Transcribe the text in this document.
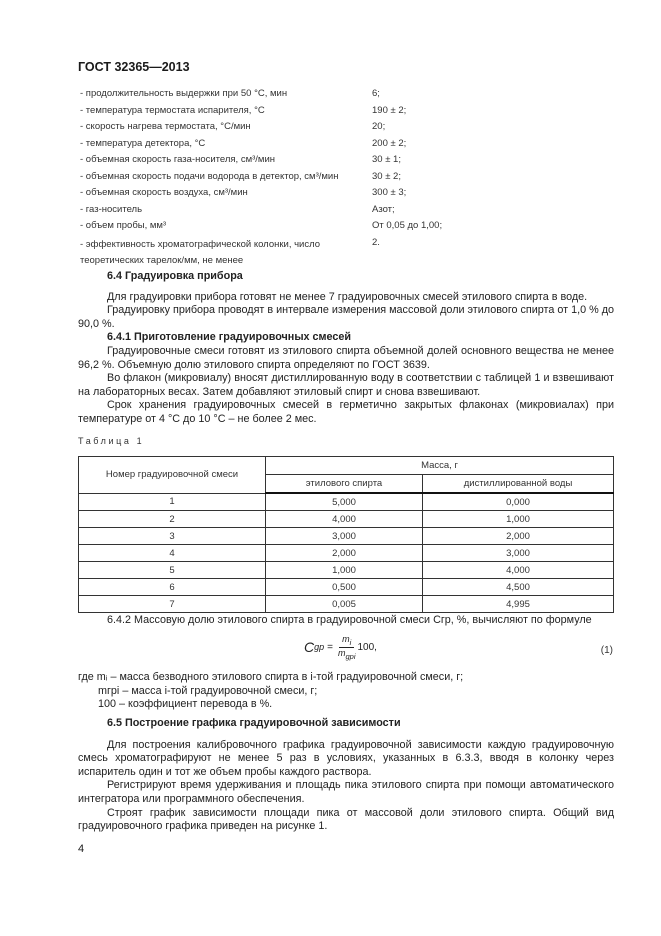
ГОСТ 32365—2013
- продолжительность выдержки при 50 °С, мин	6;
- температура термостата испарителя, °С	190 ± 2;
- скорость нагрева термостата, °С/мин	20;
- температура детектора, °С	200 ± 2;
- объемная скорость газа-носителя, см³/мин	30 ± 1;
- объемная скорость подачи водорода в детектор, см³/мин	30 ± 2;
- объемная скорость воздуха, см³/мин	300 ± 3;
- газ-носитель	Азот;
- объем пробы, мм³	От 0,05 до 1,00;
- эффективность хроматографической колонки, число теоретических тарелок/мм, не менее
2.
6.4 Градуировка прибора
Для градуировки прибора готовят не менее 7 градуировочных смесей этилового спирта в воде.
Градуировку прибора проводят в интервале измерения массовой доли этилового спирта от 1,0 % до 90,0 %.
6.4.1 Приготовление градуировочных смесей
Градуировочные смеси готовят из этилового спирта объемной долей основного вещества не менее 96,2 %. Объемную долю этилового спирта определяют по ГОСТ 3639.
Во флакон (микровиалу) вносят дистиллированную воду в соответствии с таблицей 1 и взвешивают на лабораторных весах. Затем добавляют этиловый спирт и снова взвешивают.
Срок хранения градуировочных смесей в герметично закрытых флаконах (микровиалах) при температуре от 4 °С до 10 °С – не более 2 мес.
Таблица 1
Номер градуировочной смеси	Масса, г	
	этилового спирта	дистиллированной воды
1	5,000	0,000
2	4,000	1,000
3	3,000	2,000
4	2,000	3,000
5	1,000	4,000
6	0,500	4,500
7	0,005	4,995
6.4.2 Массовую долю этилового спирта в градуировочной смеси Сгр, %, вычисляют по формуле
C gp = $\frac{m_i}{m_{gpi}} 100$,	(1)
где mᵢ – масса безводного этилового спирта в i-той градуировочной смеси, г;
mгрi – масса i-той градуировочной смеси, г;
100 – коэффициент перевода в %.
6.5 Построение графика градуировочной зависимости
Для построения калибровочного графика градуировочной зависимости каждую градуировочную смесь хроматографируют не менее 5 раз в условиях, указанных в 6.3.3, вводя в колонку через испаритель один и тот же объем пробы каждого раствора.
Регистрируют время удерживания и площадь пика этилового спирта при помощи автоматического интегратора или программного обеспечения.
Строят график зависимости площади пика от массовой доли этилового спирта. Общий вид градуировочного графика приведен на рисунке 1.
4
